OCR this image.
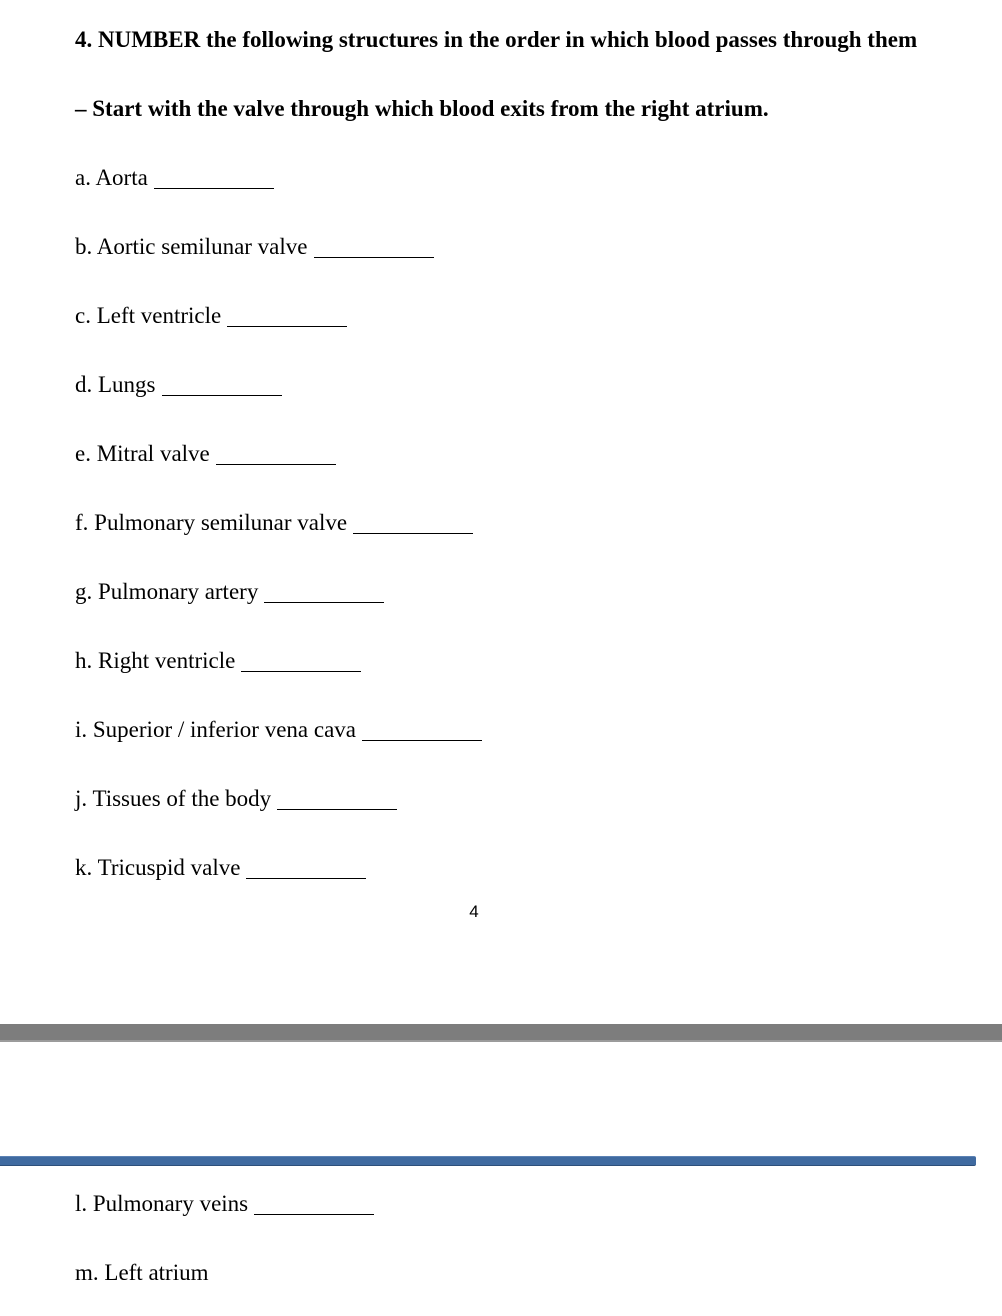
4. NUMBER the following structures in the order in which blood passes through them

– Start with the valve through which blood exits from the right atrium.

a. Aorta
b. Aortic semilunar valve
c. Left ventricle
d. Lungs
e. Mitral valve
f. Pulmonary semilunar valve
g. Pulmonary artery
h. Right ventricle
i. Superior / inferior vena cava
j. Tissues of the body
k. Tricuspid valve
4
l. Pulmonary veins
m. Left atrium
